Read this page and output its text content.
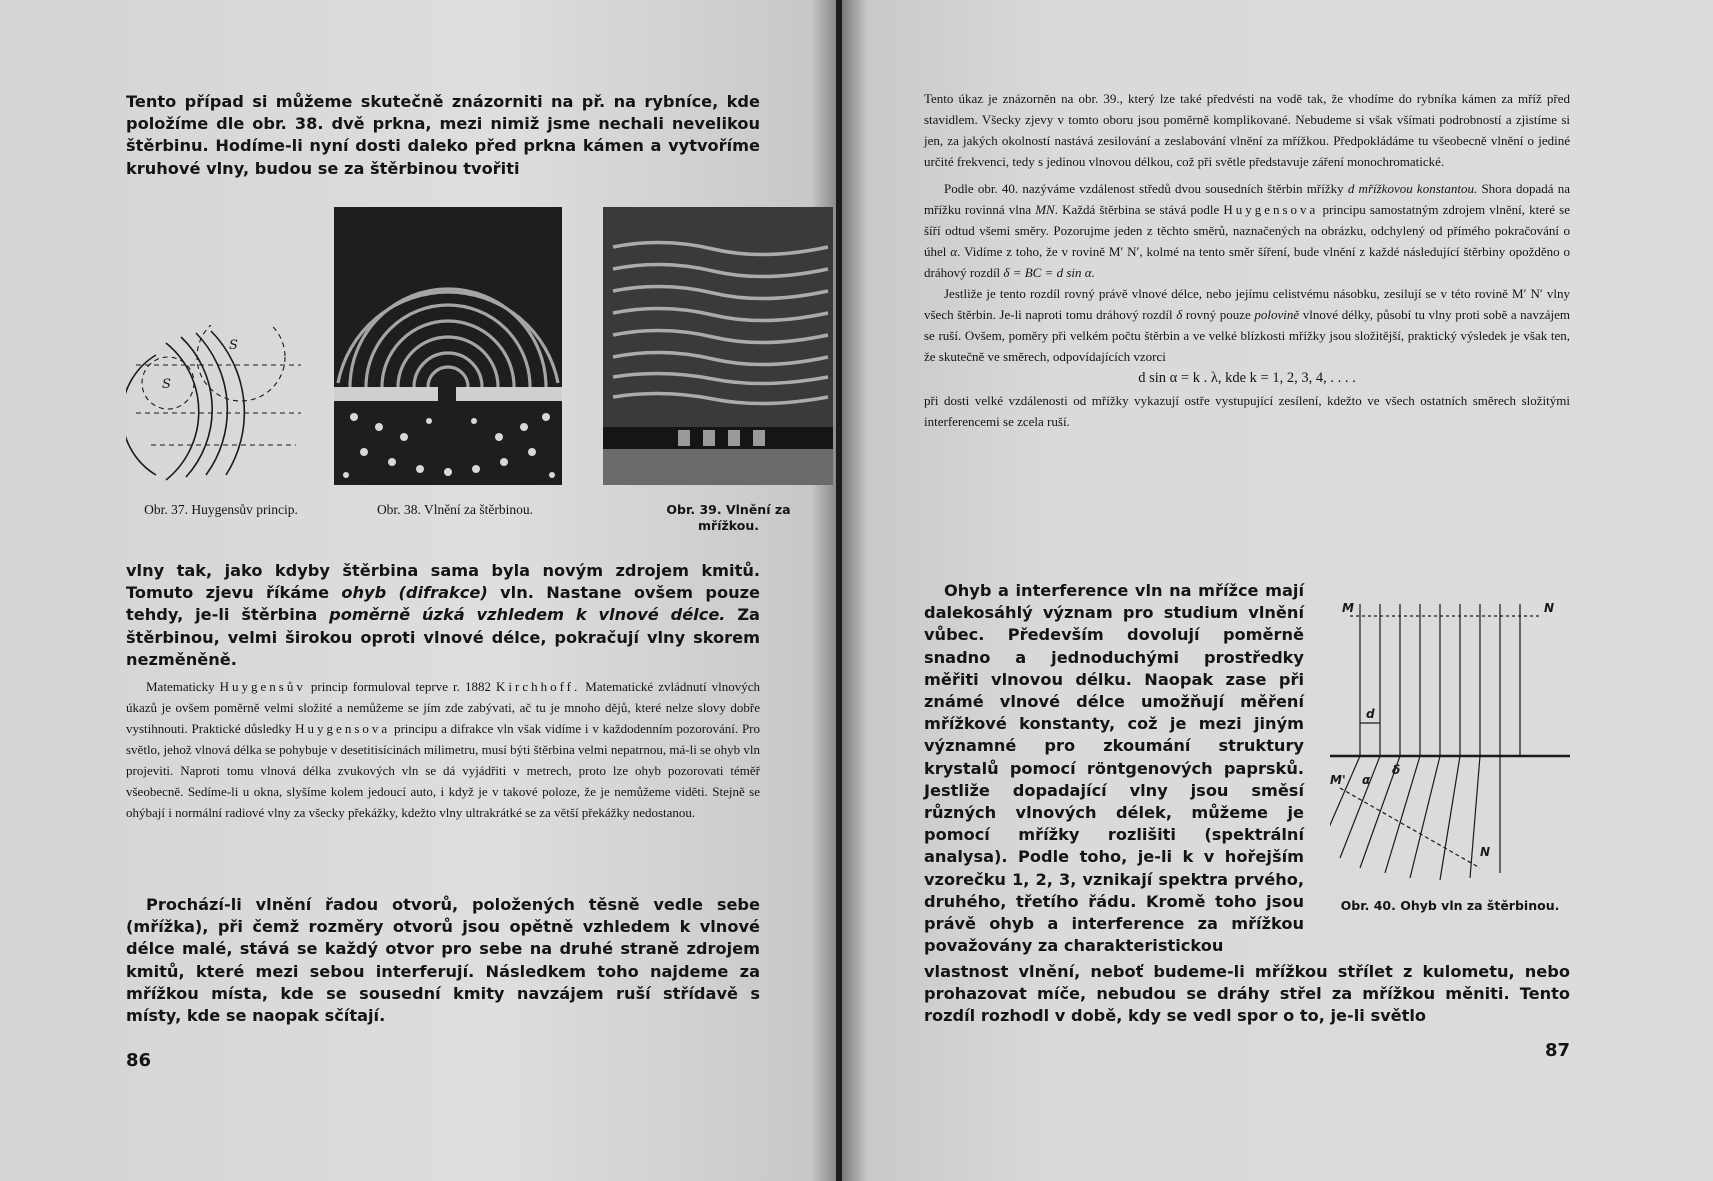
Tento případ si můžeme skutečně znázorniti na př. na rybníce, kde položíme dle obr. 38. dvě prkna, mezi nimiž jsme nechali nevelikou štěrbinu. Hodíme-li nyní dosti daleko před prkna kámen a vytvoříme kruhové vlny, budou se za štěrbinou tvořiti

S
S
Obr. 37. Huygensův princip.	Obr. 38. Vlnění za štěrbinou.	Obr. 39. Vlnění za mřížkou.

vlny tak, jako kdyby štěrbina sama byla novým zdrojem kmitů. Tomuto zjevu říkáme ohyb (difrakce) vln. Nastane ovšem pouze tehdy, je-li štěrbina poměrně úzká vzhledem k vlnové délce. Za štěrbinou, velmi širokou oproti vlnové délce, pokračují vlny skorem nezměněně.

Matematicky Huygensův princip formuloval teprve r. 1882 Kirchhoff. Matematické zvládnutí vlnových úkazů je ovšem poměrně velmi složité a nemůžeme se jím zde zabývati, ač tu je mnoho dějů, které nelze slovy dobře vystihnouti. Praktické důsledky Huygensova principu a difrakce vln však vidíme i v každodenním pozorování. Pro světlo, jehož vlnová délka se pohybuje v desetitisícinách milimetru, musí býti štěrbina velmi nepatrnou, má-li se ohyb vln projeviti. Naproti tomu vlnová délka zvukových vln se dá vyjádřiti v metrech, proto lze ohyb pozorovati téměř všeobecně. Sedíme-li u okna, slyšíme kolem jedoucí auto, i když je v takové poloze, že je nemůžeme viděti. Stejně se ohýbají i normální radiové vlny za všecky překážky, kdežto vlny ultrakrátké se za větší překážky nedostanou.

Prochází-li vlnění řadou otvorů, položených těsně vedle sebe (mřížka), při čemž rozměry otvorů jsou opětně vzhledem k vlnové délce malé, stává se každý otvor pro sebe na druhé straně zdrojem kmitů, které mezi sebou interferují. Následkem toho najdeme za mřížkou místa, kde se sousední kmity navzájem ruší střídavě s místy, kde se naopak sčítají.

86

Tento úkaz je znázorněn na obr. 39., který lze také předvésti na vodě tak, že vhodíme do rybníka kámen za mříž před stavidlem. Všecky zjevy v tomto oboru jsou poměrně komplikované. Nebudeme si však všímati podrobností a zjistíme si jen, za jakých okolností nastává zesilování a zeslabování vlnění za mřížkou. Předpokládáme tu všeobecně vlnění o jediné určité frekvenci, tedy s jedinou vlnovou délkou, což při světle představuje záření monochromatické.

Podle obr. 40. nazýváme vzdálenost středů dvou sousedních štěrbin mřížky d mřížkovou konstantou. Shora dopadá na mřížku rovinná vlna MN. Každá štěrbina se stává podle Huygensova principu samostatným zdrojem vlnění, které se šíří odtud všemi směry. Pozorujme jeden z těchto směrů, naznačených na obrázku, odchylený od přímého pokračování o úhel α. Vidíme z toho, že v rovině M′ N′, kolmé na tento směr šíření, bude vlnění z každé následující štěrbiny opožděno o dráhový rozdíl δ = BC = d sin α.

Jestliže je tento rozdíl rovný právě vlnové délce, nebo jejímu celistvému násobku, zesilují se v této rovině M′ N′ vlny všech štěrbin. Je-li naproti tomu dráhový rozdíl δ rovný pouze polovině vlnové délky, působí tu vlny proti sobě a navzájem se ruší. Ovšem, poměry při velkém počtu štěrbin a ve velké blízkosti mřížky jsou složitější, praktický výsledek je však ten, že skutečně ve směrech, odpovídajících vzorci

d sin α = k . λ, kde k = 1, 2, 3, 4, . . . .

při dosti velké vzdálenosti od mřížky vykazují ostře vystupující zesílení, kdežto ve všech ostatních směrech složitými interferencemi se zcela ruší.

Ohyb a interference vln na mřížce mají dalekosáhlý význam pro studium vlnění vůbec. Především dovolují poměrně snadno a jednoduchými prostředky měřiti vlnovou délku. Naopak zase při známé vlnové délce umožňují měření mřížkové konstanty, což je mezi jiným významné pro zkoumání struktury krystalů pomocí röntgenových paprsků. Jestliže dopadající vlny jsou směsí různých vlnových délek, můžeme je pomocí mřížky rozlišiti (spektrální analysa). Podle toho, je-li k v hořejším vzorečku 1, 2, 3, vznikají spektra prvého, druhého, třetího řádu. Kromě toho jsou právě ohyb a interference za mřížkou považovány za charakteristickou

vlastnost vlnění, neboť budeme-li mřížkou střílet z kulometu, nebo prohazovat míče, nebudou se dráhy střel za mřížkou měniti. Tento rozdíl rozhodl v době, kdy se vedl spor o to, je-li světlo

M	N
d
M'
N
α
δ
Obr. 40. Ohyb vln za štěrbinou.
87
